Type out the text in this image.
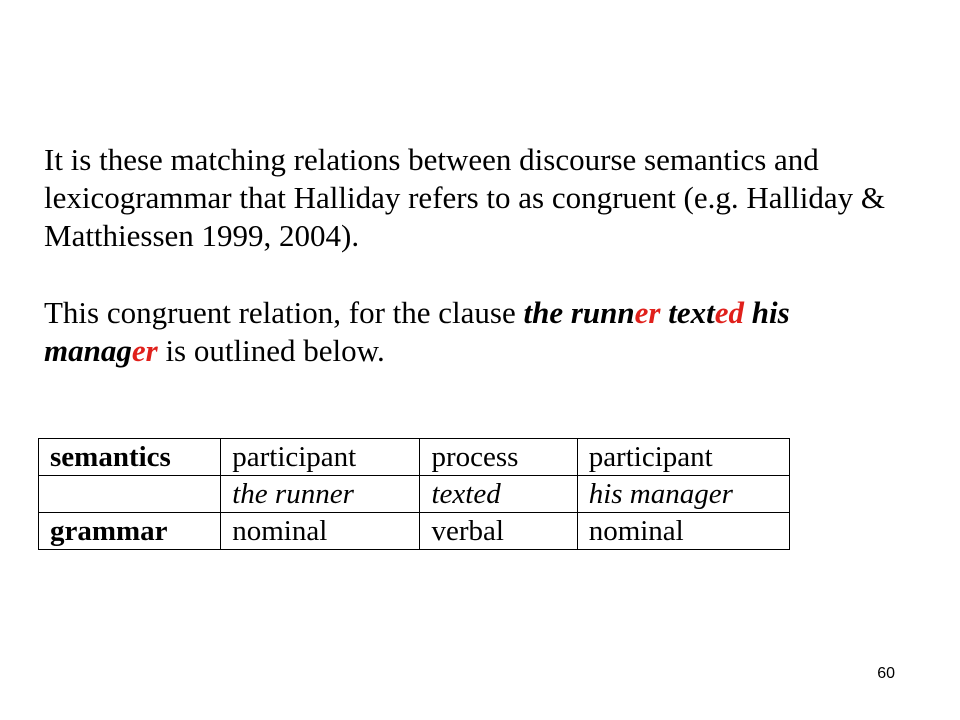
It is these matching relations between discourse semantics and lexicogrammar that Halliday refers to as congruent (e.g. Halliday & Matthiessen 1999, 2004).

This congruent relation, for the clause the runner texted his
manager is outlined below.

semantics	participant	process	participant
	the runner	texted	his manager
grammar	nominal	verbal	nominal
60
